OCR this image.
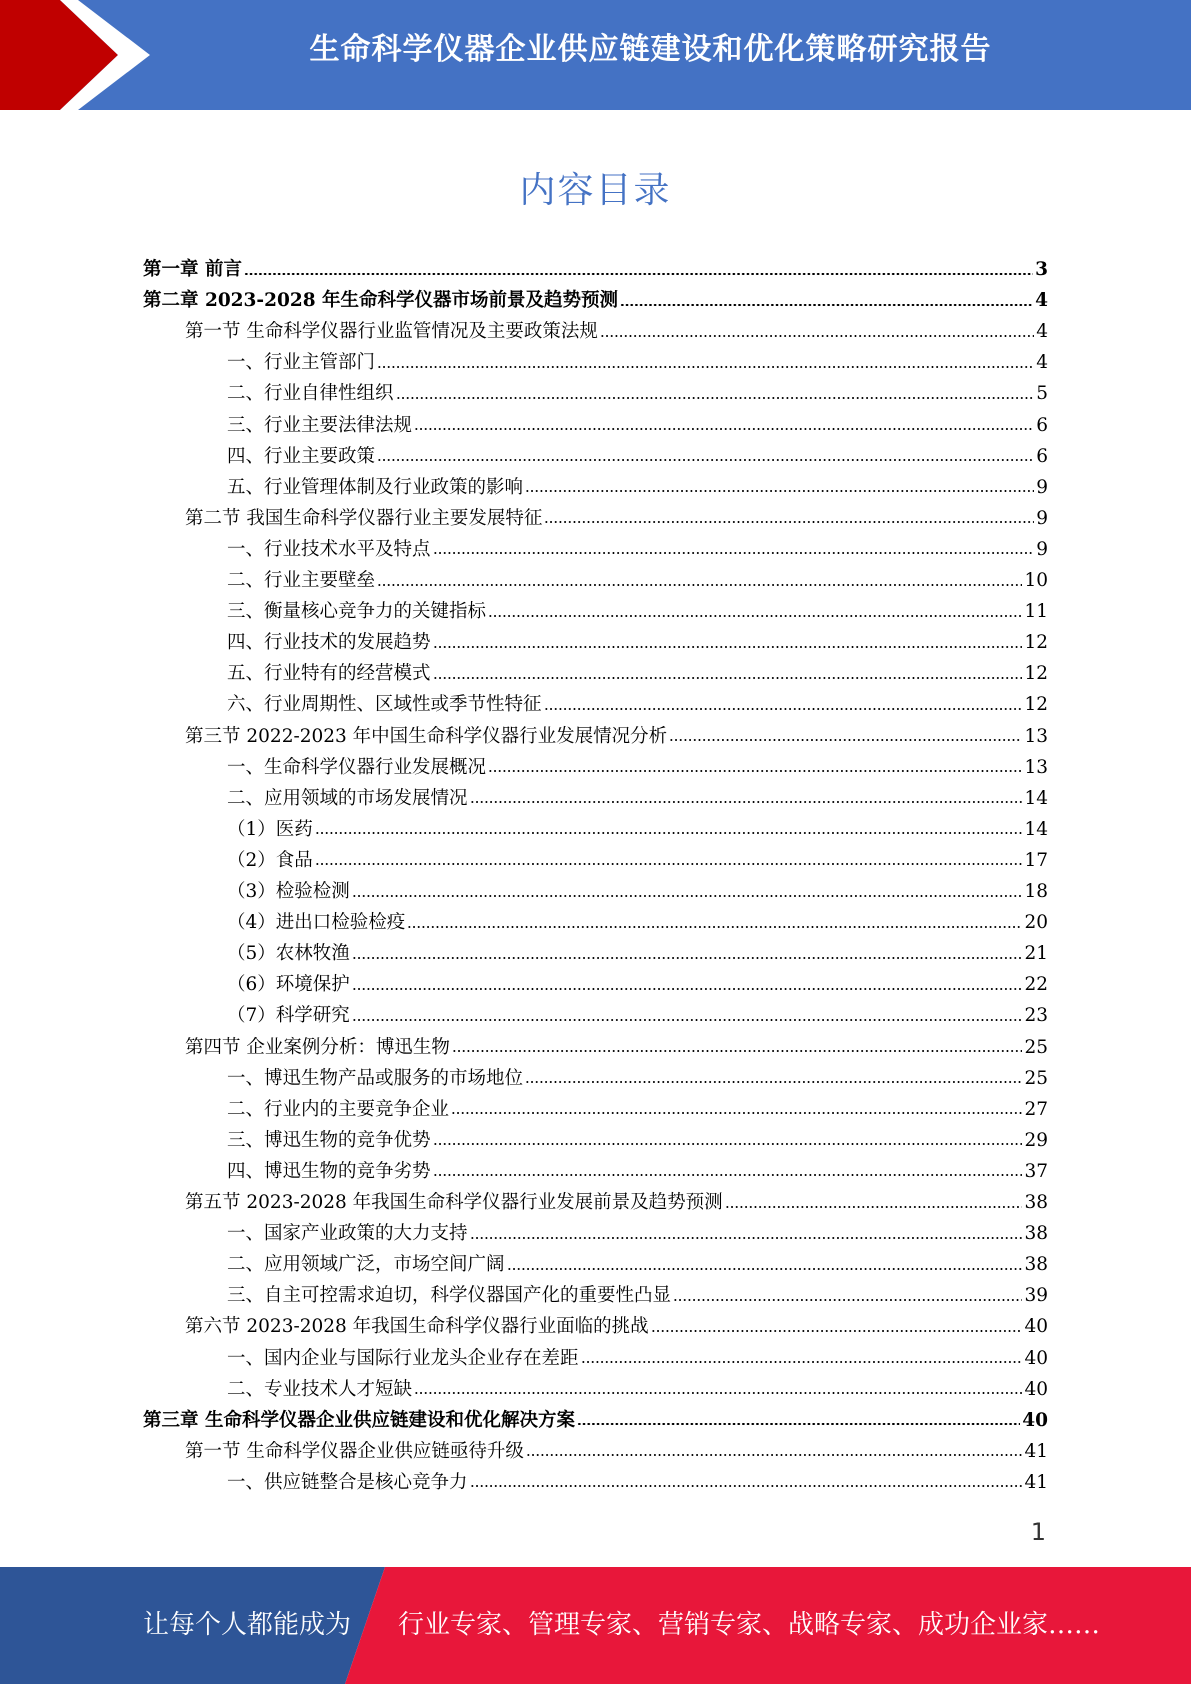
生命科学仪器企业供应链建设和优化策略研究报告
内容目录
第一章 前言	3
第二章 2023-2028 年生命科学仪器市场前景及趋势预测	4
第一节 生命科学仪器行业监管情况及主要政策法规	4
一、行业主管部门	4
二、行业自律性组织	5
三、行业主要法律法规	6
四、行业主要政策	6
五、行业管理体制及行业政策的影响	9
第二节 我国生命科学仪器行业主要发展特征	9
一、行业技术水平及特点	9
二、行业主要壁垒	10
三、衡量核心竞争力的关键指标	11
四、行业技术的发展趋势	12
五、行业特有的经营模式	12
六、行业周期性、区域性或季节性特征	12
第三节 2022-2023 年中国生命科学仪器行业发展情况分析	13
一、生命科学仪器行业发展概况	13
二、应用领域的市场发展情况	14
（1）医药	14
（2）食品	17
（3）检验检测	18
（4）进出口检验检疫	20
（5）农林牧渔	21
（6）环境保护	22
（7）科学研究	23
第四节 企业案例分析：博迅生物	25
一、博迅生物产品或服务的市场地位	25
二、行业内的主要竞争企业	27
三、博迅生物的竞争优势	29
四、博迅生物的竞争劣势	37
第五节 2023-2028 年我国生命科学仪器行业发展前景及趋势预测	38
一、国家产业政策的大力支持	38
二、应用领域广泛，市场空间广阔	38
三、自主可控需求迫切，科学仪器国产化的重要性凸显	39
第六节 2023-2028 年我国生命科学仪器行业面临的挑战	40
一、国内企业与国际行业龙头企业存在差距	40
二、专业技术人才短缺	40
第三章 生命科学仪器企业供应链建设和优化解决方案	40
第一节 生命科学仪器企业供应链亟待升级	41
一、供应链整合是核心竞争力	41
1
让每个人都能成为 行业专家、管理专家、营销专家、战略专家、成功企业家……
